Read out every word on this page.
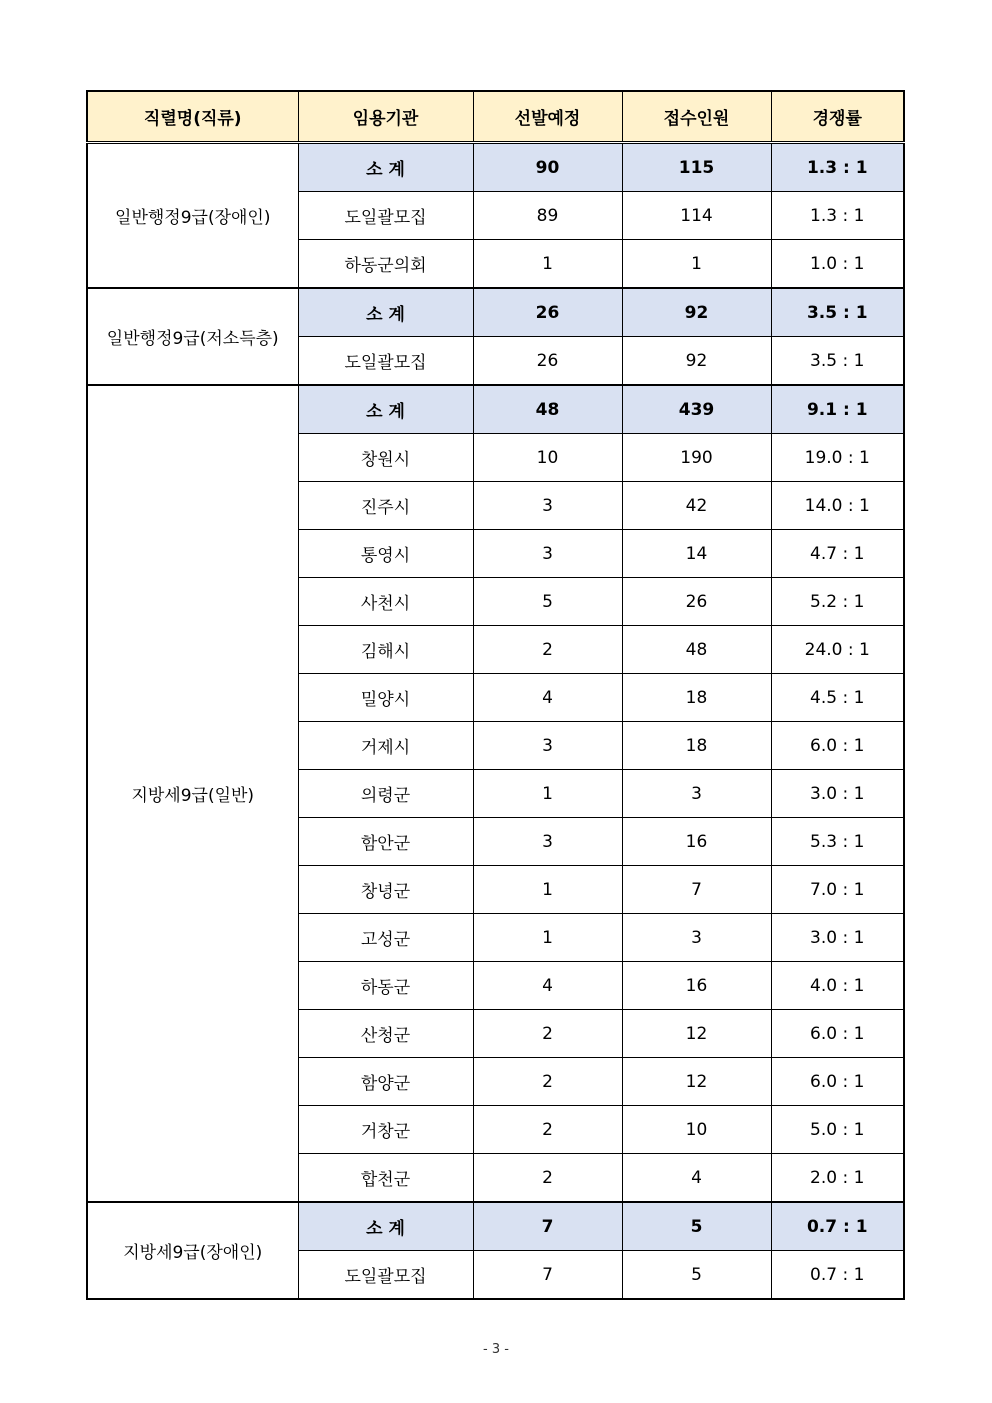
직렬명(직류)	임용기관	선발예정	접수인원	경쟁률
일반행정9급(장애인)	소 계	90	115	1.3 : 1
	도일괄모집	89	114	1.3 : 1
	하동군의회	1	1	1.0 : 1
일반행정9급(저소득층)	소 계	26	92	3.5 : 1
	도일괄모집	26	92	3.5 : 1
지방세9급(일반)	소 계	48	439	9.1 : 1
	창원시	10	190	19.0 : 1
	진주시	3	42	14.0 : 1
	통영시	3	14	4.7 : 1
	사천시	5	26	5.2 : 1
	김해시	2	48	24.0 : 1
	밀양시	4	18	4.5 : 1
	거제시	3	18	6.0 : 1
	의령군	1	3	3.0 : 1
	함안군	3	16	5.3 : 1
	창녕군	1	7	7.0 : 1
	고성군	1	3	3.0 : 1
	하동군	4	16	4.0 : 1
	산청군	2	12	6.0 : 1
	함양군	2	12	6.0 : 1
	거창군	2	10	5.0 : 1
	합천군	2	4	2.0 : 1
지방세9급(장애인)	소 계	7	5	0.7 : 1
	도일괄모집	7	5	0.7 : 1
- 3 -
